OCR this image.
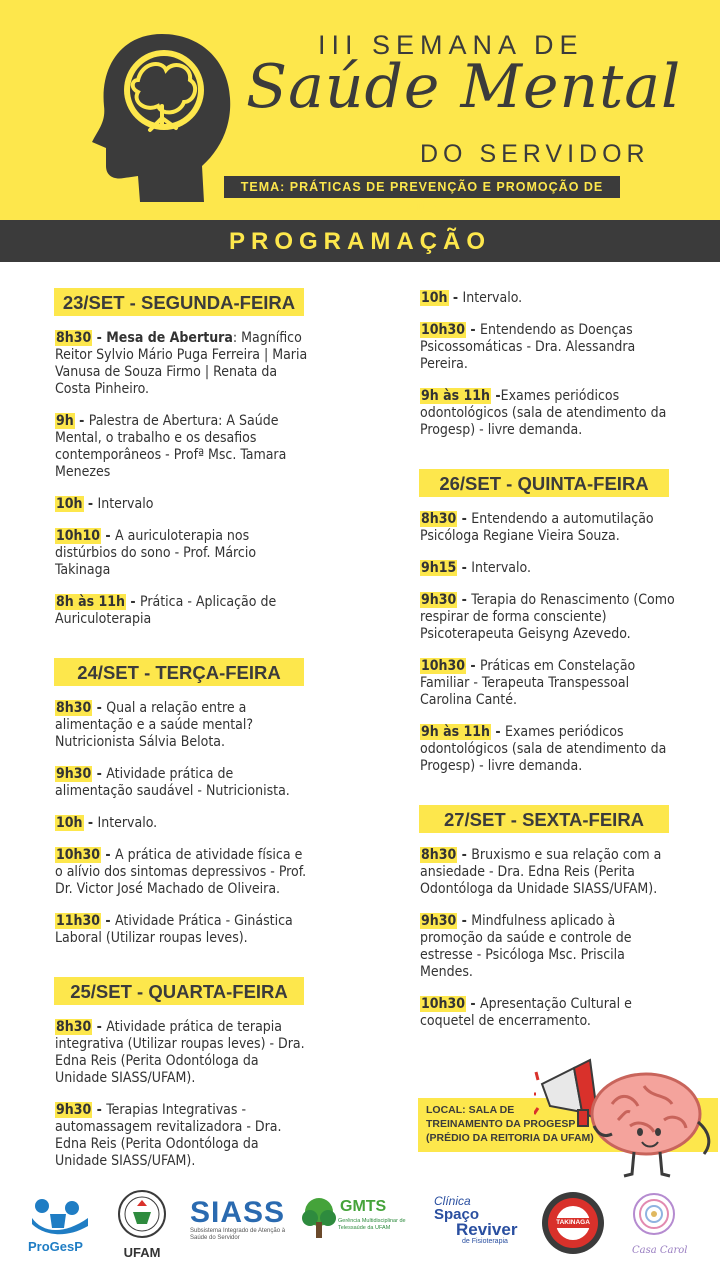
III SEMANA DE
Saúde Mental
DO SERVIDOR
TEMA: PRÁTICAS DE PREVENÇÃO E PROMOÇÃO DE SAÚDE
PROGRAMAÇÃO
23/SET - SEGUNDA-FEIRA
8h30 - Mesa de Abertura: Magnífico Reitor Sylvio Mário Puga Ferreira | Maria Vanusa de Souza Firmo | Renata da Costa Pinheiro.
9h - Palestra de Abertura: A Saúde Mental, o trabalho e os desafios contemporâneos - Profª Msc. Tamara Menezes
10h - Intervalo
10h10 - A auriculoterapia nos distúrbios do sono - Prof. Márcio Takinaga
8h às 11h - Prática - Aplicação de Auriculoterapia
24/SET - TERÇA-FEIRA
8h30 - Qual a relação entre a alimentação e a saúde mental? Nutricionista Sálvia Belota.
9h30 - Atividade prática de alimentação saudável - Nutricionista.
10h - Intervalo.
10h30 - A prática de atividade física e o alívio dos sintomas depressivos - Prof. Dr. Victor José Machado de Oliveira.
11h30 - Atividade Prática - Ginástica Laboral (Utilizar roupas leves).
25/SET - QUARTA-FEIRA
8h30 - Atividade prática de terapia integrativa (Utilizar roupas leves) - Dra. Edna Reis (Perita Odontóloga da Unidade SIASS/UFAM).
9h30 - Terapias Integrativas - automassagem revitalizadora - Dra. Edna Reis (Perita Odontóloga da Unidade SIASS/UFAM).
10h - Intervalo.
10h30 - Entendendo as Doenças Psicossomáticas - Dra. Alessandra Pereira.
9h às 11h -Exames periódicos odontológicos (sala de atendimento da Progesp) - livre demanda.
26/SET - QUINTA-FEIRA
8h30 - Entendendo a automutilação Psicóloga Regiane Vieira Souza.
9h15 - Intervalo.
9h30 - Terapia do Renascimento (Como respirar de forma consciente) Psicoterapeuta Geisyng Azevedo.
10h30 - Práticas em Constelação Familiar - Terapeuta Transpessoal Carolina Canté.
9h às 11h - Exames periódicos odontológicos (sala de atendimento da Progesp) - livre demanda.
27/SET - SEXTA-FEIRA
8h30 - Bruxismo e sua relação com a ansiedade - Dra. Edna Reis (Perita Odontóloga da Unidade SIASS/UFAM).
9h30 - Mindfulness aplicado à promoção da saúde e controle de estresse - Psicóloga Msc. Priscila Mendes.
10h30 - Apresentação Cultural e coquetel de encerramento.
LOCAL: SALA DE
TREINAMENTO DA PROGESP
(PRÉDIO DA REITORIA DA UFAM)
ProGesP	UFAM
SIASS
Subsistema Integrado de Atenção à Saúde do Servidor
GMTS
Gerência Multidisciplinar de Telessaúde da UFAM
Clínica
Spaço
Reviver
de Fisioterapia
TAKINAGA
Casa Carol
